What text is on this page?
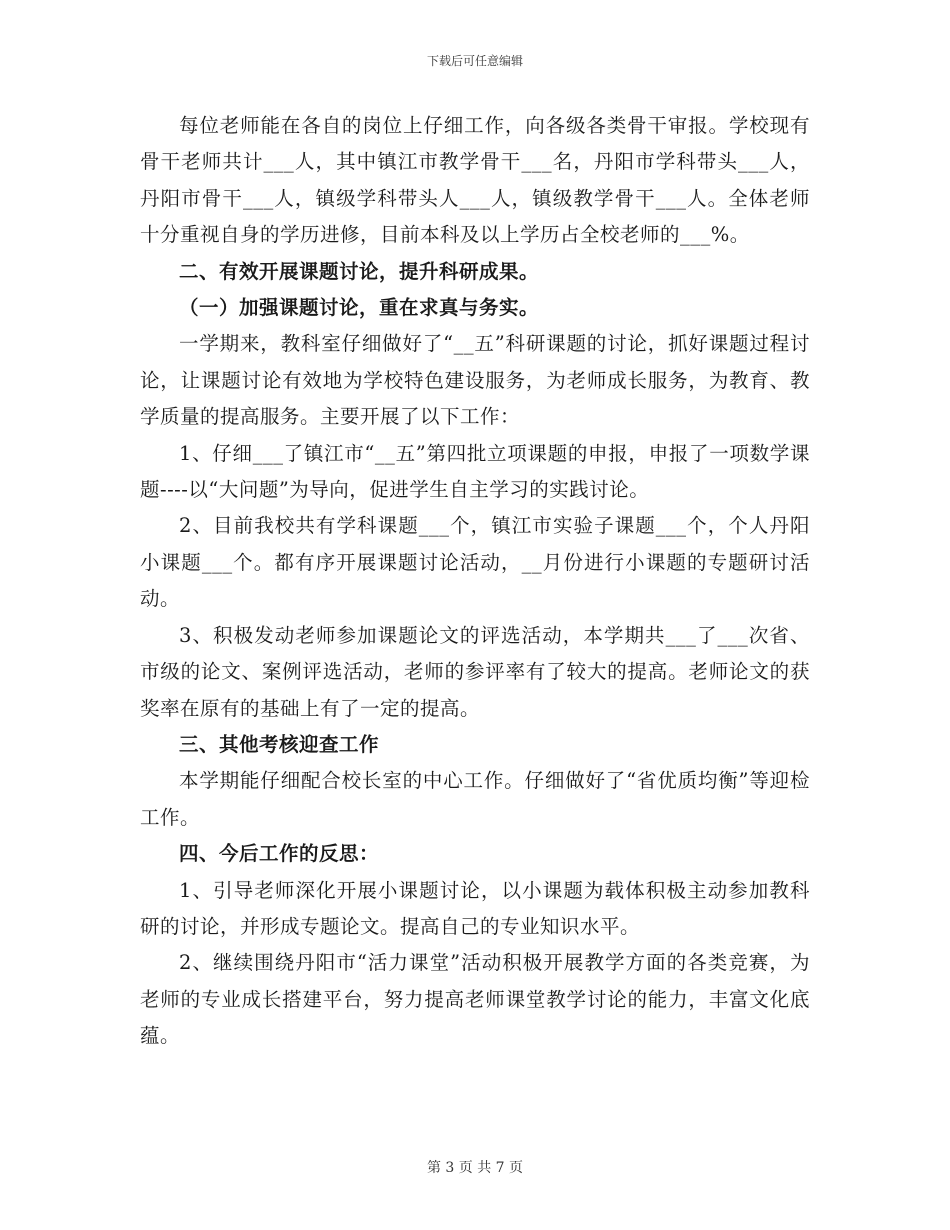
下载后可任意编辑

每位老师能在各自的岗位上仔细工作，向各级各类骨干审报。学校现有骨干老师共计___人，其中镇江市教学骨干___名，丹阳市学科带头___人，丹阳市骨干___人，镇级学科带头人___人，镇级教学骨干___人。全体老师十分重视自身的学历进修，目前本科及以上学历占全校老师的___%。

二、有效开展课题讨论，提升科研成果。

（一）加强课题讨论，重在求真与务实。

一学期来，教科室仔细做好了“__五”科研课题的讨论，抓好课题过程讨论，让课题讨论有效地为学校特色建设服务，为老师成长服务，为教育、教学质量的提高服务。主要开展了以下工作：

1、仔细___了镇江市“__五”第四批立项课题的申报，申报了一项数学课题----以“大问题”为导向，促进学生自主学习的实践讨论。

2、目前我校共有学科课题___个，镇江市实验子课题___个，个人丹阳小课题___个。都有序开展课题讨论活动，__月份进行小课题的专题研讨活动。

3、积极发动老师参加课题论文的评选活动，本学期共___了___次省、市级的论文、案例评选活动，老师的参评率有了较大的提高。老师论文的获奖率在原有的基础上有了一定的提高。

三、其他考核迎查工作

本学期能仔细配合校长室的中心工作。仔细做好了“省优质均衡”等迎检工作。

四、今后工作的反思：

1、引导老师深化开展小课题讨论，以小课题为载体积极主动参加教科研的讨论，并形成专题论文。提高自己的专业知识水平。

2、继续围绕丹阳市“活力课堂”活动积极开展教学方面的各类竞赛，为老师的专业成长搭建平台，努力提高老师课堂教学讨论的能力，丰富文化底蕴。

第 3 页 共 7 页
